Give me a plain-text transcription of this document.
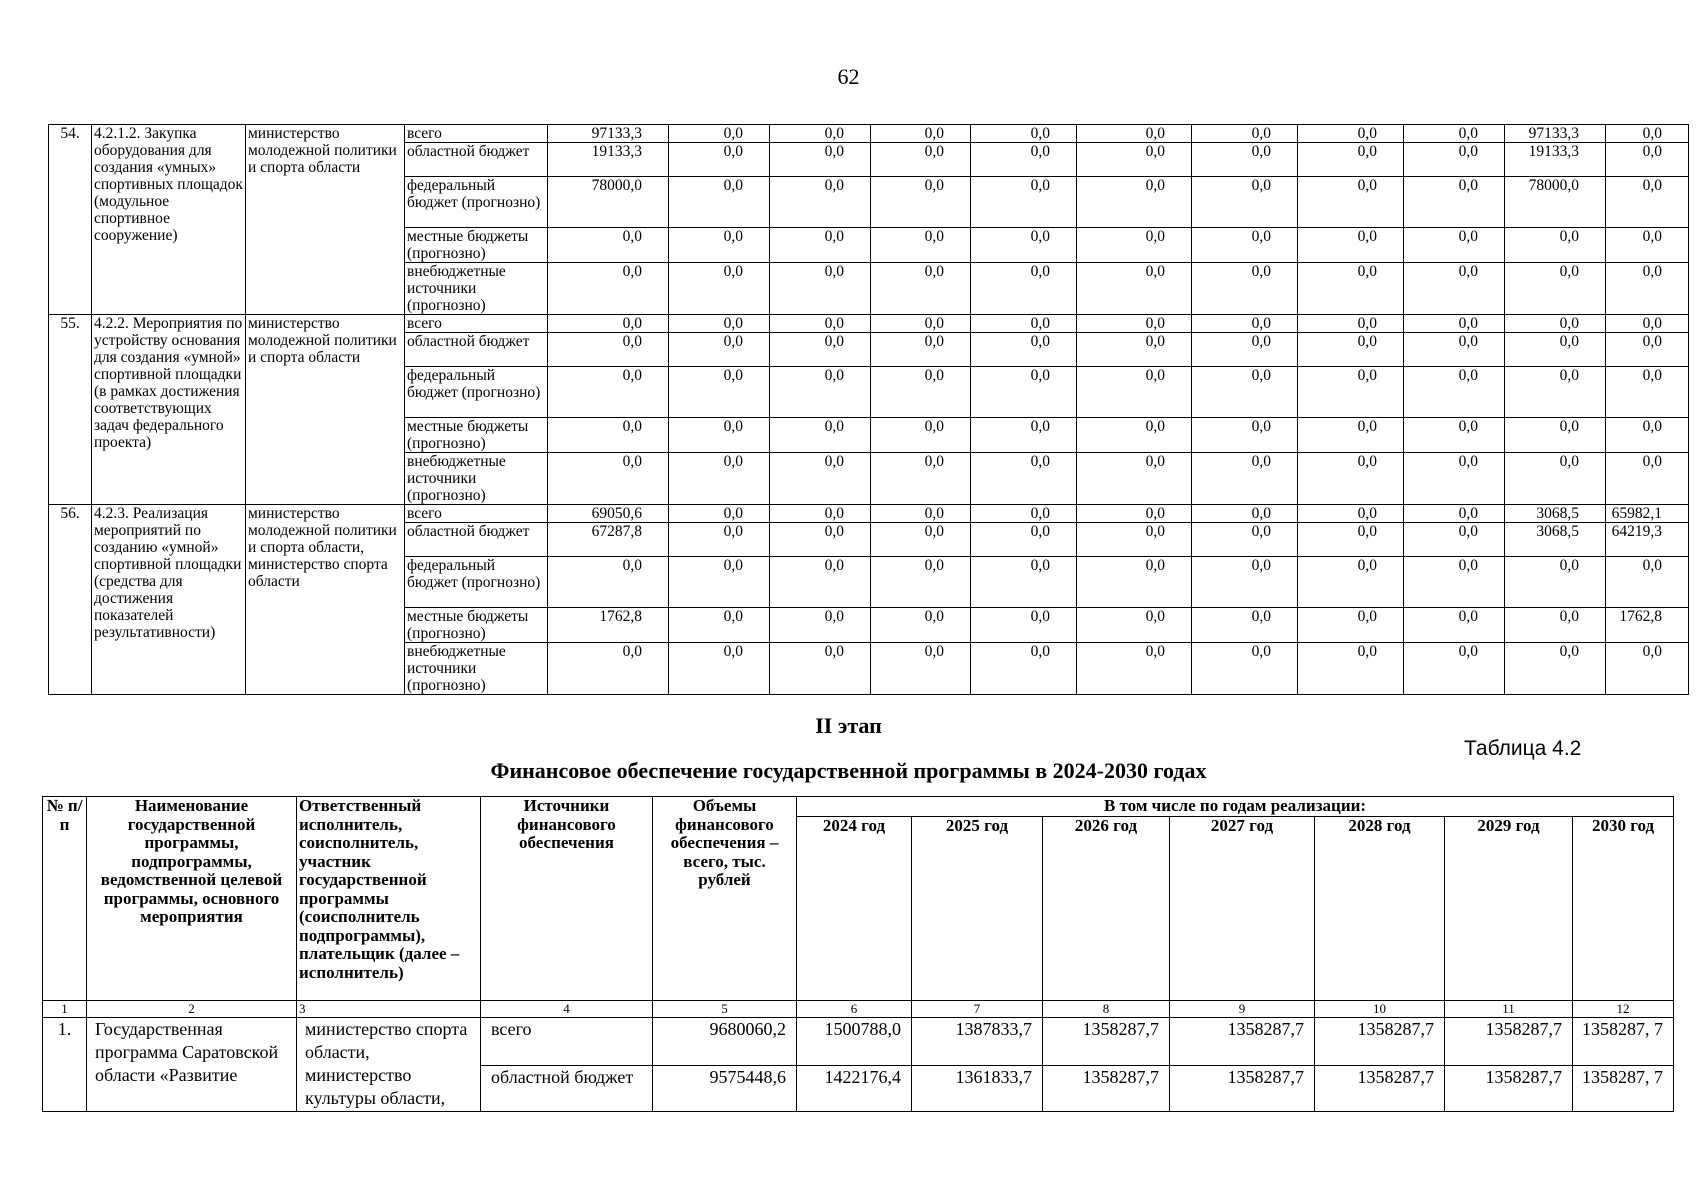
62
54.	4.2.1.2. Закупка оборудования для создания «умных» спортивных площадок (модульное спортивное сооружение)	министерство молодежной политики и спорта области	всего	97133,3	0,0	0,0	0,0	0,0	0,0	0,0	0,0	0,0	97133,3	0,0
			областной бюджет	19133,3	0,0	0,0	0,0	0,0	0,0	0,0	0,0	0,0	19133,3	0,0
			федеральный бюджет (прогнозно)	78000,0	0,0	0,0	0,0	0,0	0,0	0,0	0,0	0,0	78000,0	0,0
			местные бюджеты (прогнозно)	0,0	0,0	0,0	0,0	0,0	0,0	0,0	0,0	0,0	0,0	0,0
			внебюджетные источники (прогнозно)	0,0	0,0	0,0	0,0	0,0	0,0	0,0	0,0	0,0	0,0	0,0
55.	4.2.2. Мероприятия по устройству основания для создания «умной» спортивной площадки (в рамках достижения соответствующих задач федерального проекта)	министерство молодежной политики и спорта области	всего	0,0	0,0	0,0	0,0	0,0	0,0	0,0	0,0	0,0	0,0	0,0
			областной бюджет	0,0	0,0	0,0	0,0	0,0	0,0	0,0	0,0	0,0	0,0	0,0
			федеральный бюджет (прогнозно)	0,0	0,0	0,0	0,0	0,0	0,0	0,0	0,0	0,0	0,0	0,0
			местные бюджеты (прогнозно)	0,0	0,0	0,0	0,0	0,0	0,0	0,0	0,0	0,0	0,0	0,0
			внебюджетные источники (прогнозно)	0,0	0,0	0,0	0,0	0,0	0,0	0,0	0,0	0,0	0,0	0,0
56.	4.2.3. Реализация мероприятий по созданию «умной» спортивной площадки (средства для достижения показателей результативности)	министерство молодежной политики и спорта области, министерство спорта области	всего	69050,6	0,0	0,0	0,0	0,0	0,0	0,0	0,0	0,0	3068,5	65982,1
			областной бюджет	67287,8	0,0	0,0	0,0	0,0	0,0	0,0	0,0	0,0	3068,5	64219,3
			федеральный бюджет (прогнозно)	0,0	0,0	0,0	0,0	0,0	0,0	0,0	0,0	0,0	0,0	0,0
			местные бюджеты (прогнозно)	1762,8	0,0	0,0	0,0	0,0	0,0	0,0	0,0	0,0	0,0	1762,8
			внебюджетные источники (прогнозно)	0,0	0,0	0,0	0,0	0,0	0,0	0,0	0,0	0,0	0,0	0,0
II этап
Таблица 4.2
Финансовое обеспечение государственной программы в 2024-2030 годах
№ п/п	Наименование государственной программы, подпрограммы, ведомственной целевой программы, основного мероприятия	Ответственный исполнитель, соисполнитель, участник государственной программы (соисполнитель подпрограммы), плательщик (далее – исполнитель)	Источники финансового обеспечения	Объемы финансового обеспечения – всего, тыс. рублей	В том числе по годам реализации:						
					2024 год	2025 год	2026 год	2027 год	2028 год	2029 год	2030 год
1	2	3	4	5	6	7	8	9	10	11	12
1.	Государственная программа Саратовской области «Развитие	министерство спорта области, министерство культуры области,	всего	9680060,2	1500788,0	1387833,7	1358287,7	1358287,7	1358287,7	1358287,7	1358287, 7
			областной бюджет	9575448,6	1422176,4	1361833,7	1358287,7	1358287,7	1358287,7	1358287,7	1358287, 7
